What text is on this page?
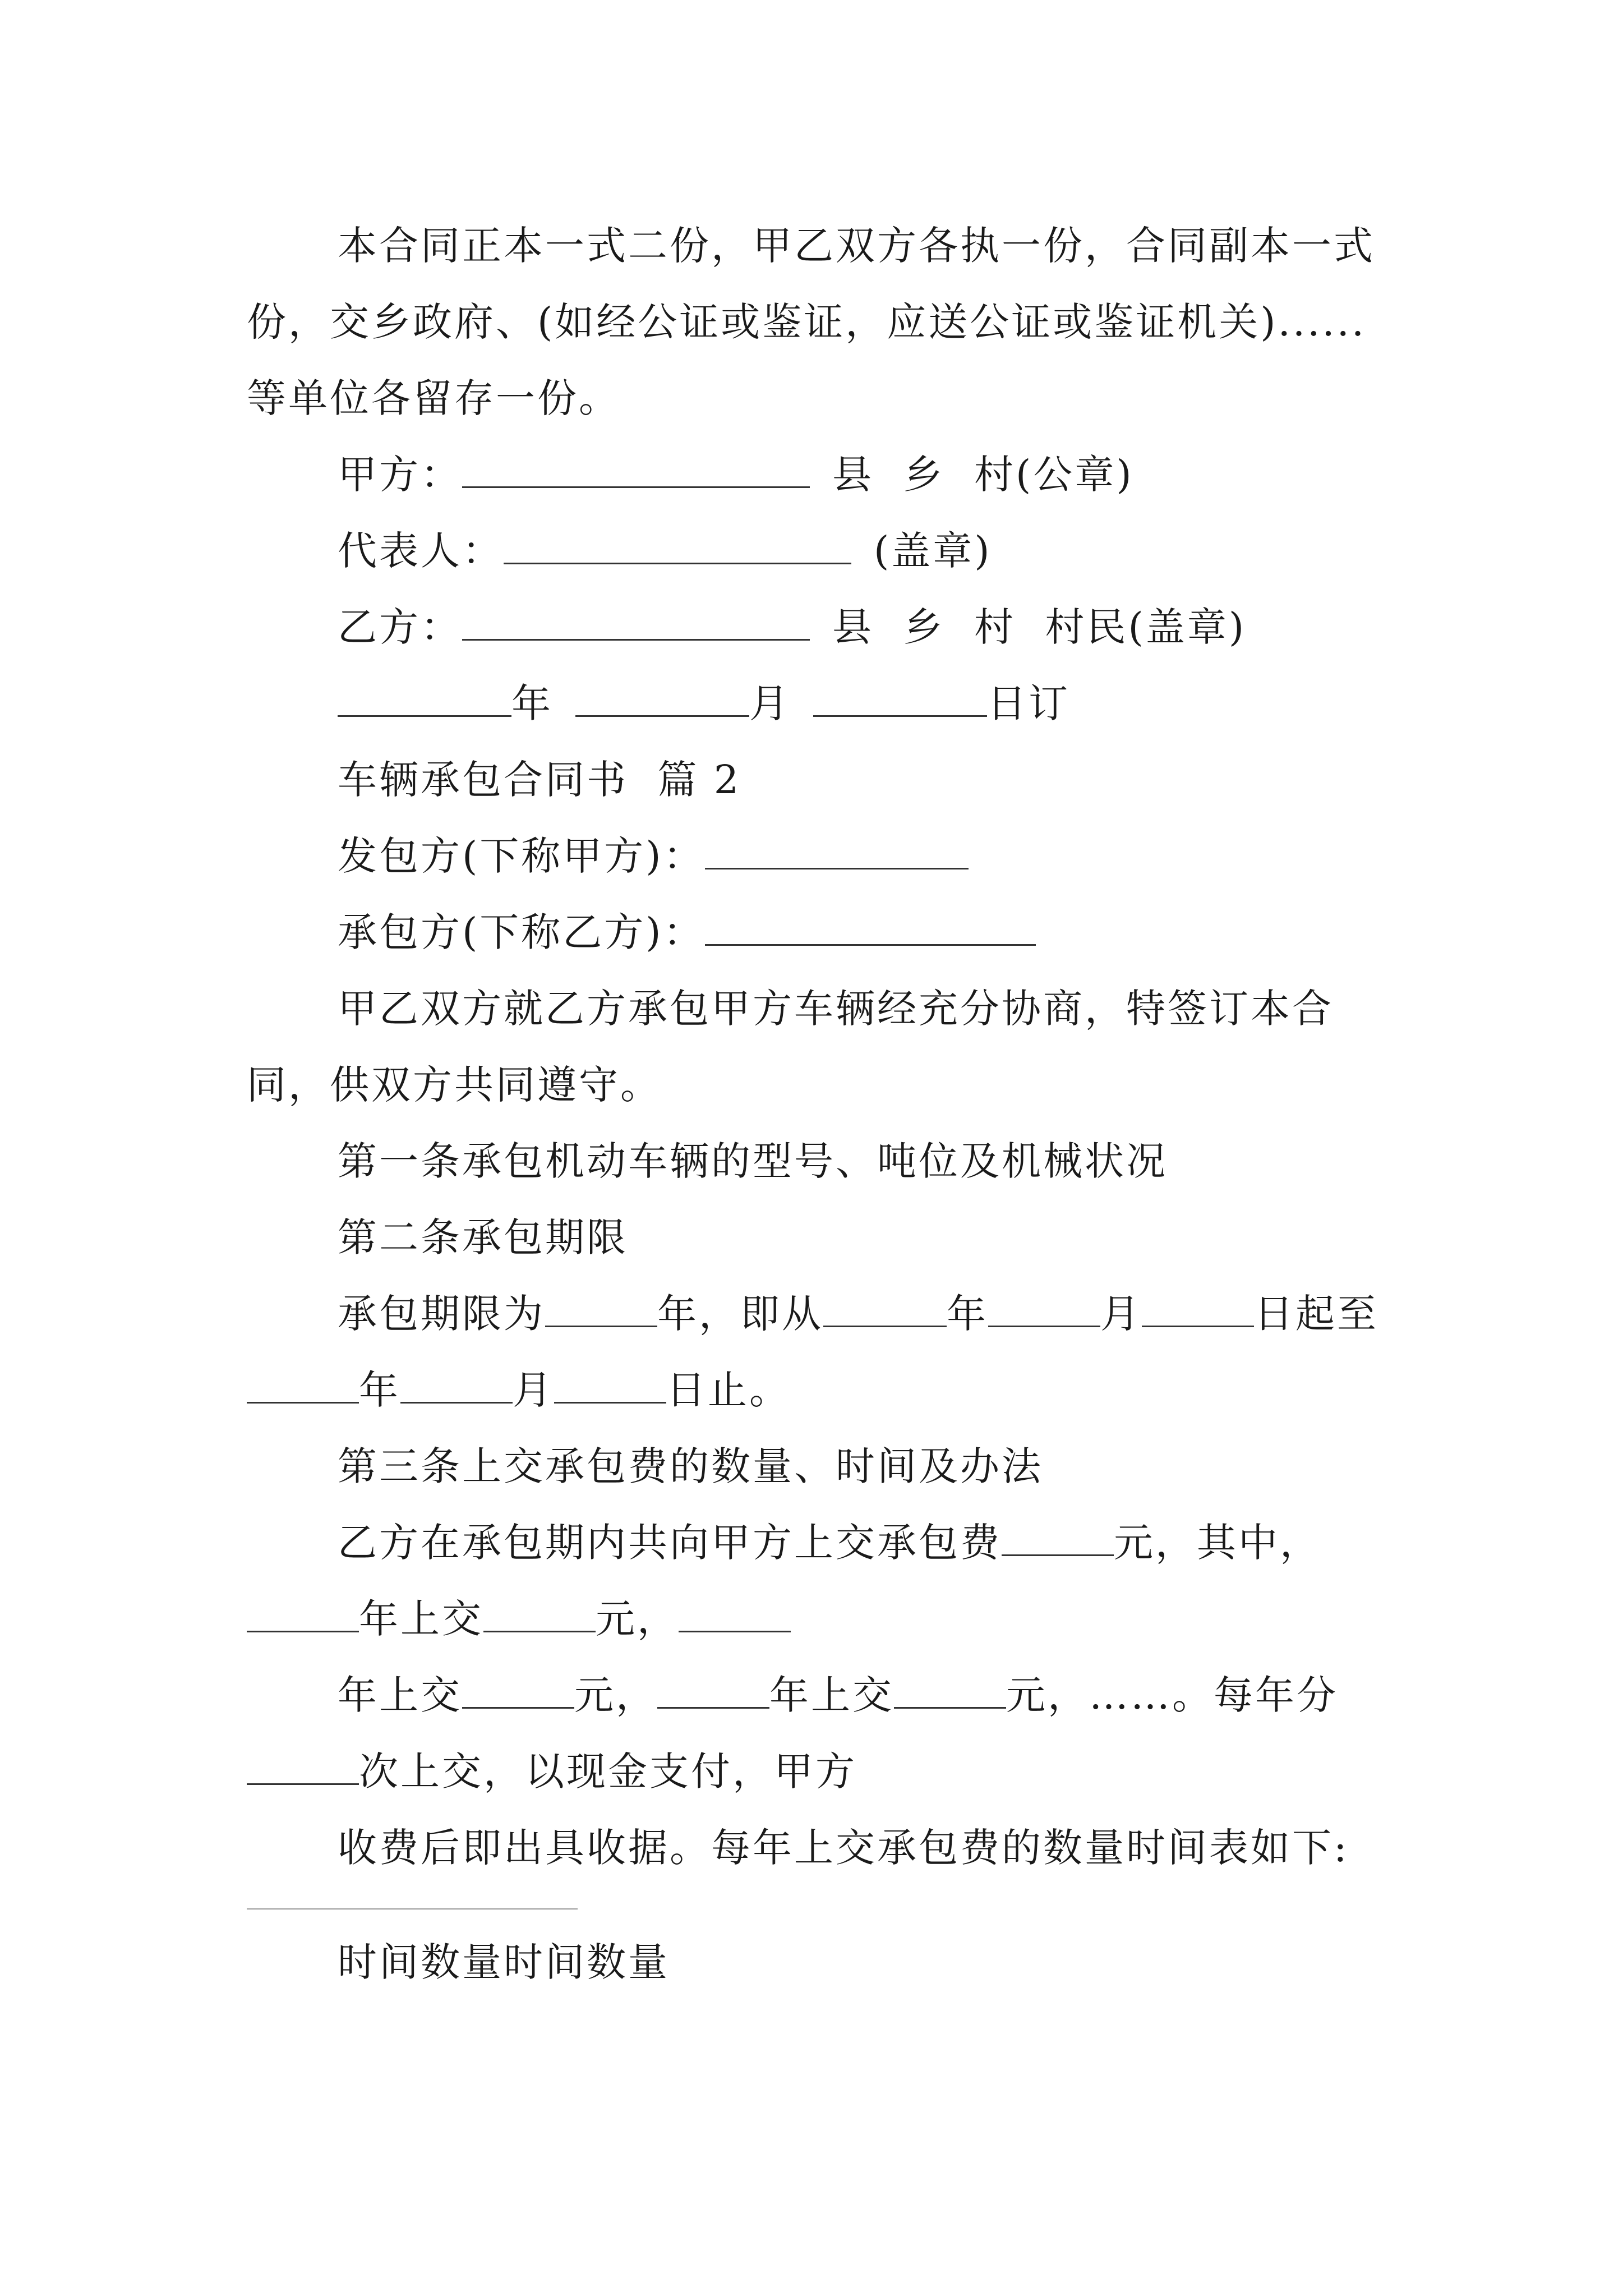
本合同正本一式二份，甲乙双方各执一份，合同副本一式 份，交乡政府、(如经公证或鉴证，应送公证或鉴证机关)......等单位各留存一份。

甲方：	县  乡  村(公章)

代表人：	(盖章)

乙方：	县  乡  村  村民(盖章)

年	月	日订

车辆承包合同书  篇 2

发包方(下称甲方)：

承包方(下称乙方)：

甲乙双方就乙方承包甲方车辆经充分协商，特签订本合同，供双方共同遵守。

第一条承包机动车辆的型号、吨位及机械状况

第二条承包期限

承包期限为	年，即从	年	月	日起至年	月	日止。

第三条上交承包费的数量、时间及办法

乙方在承包期内共向甲方上交承包费	元，其中，年上交	元，

年上交	元，	年上交	元，……。每年分次上交，以现金支付，甲方

收费后即出具收据。每年上交承包费的数量时间表如下:

时间数量时间数量
